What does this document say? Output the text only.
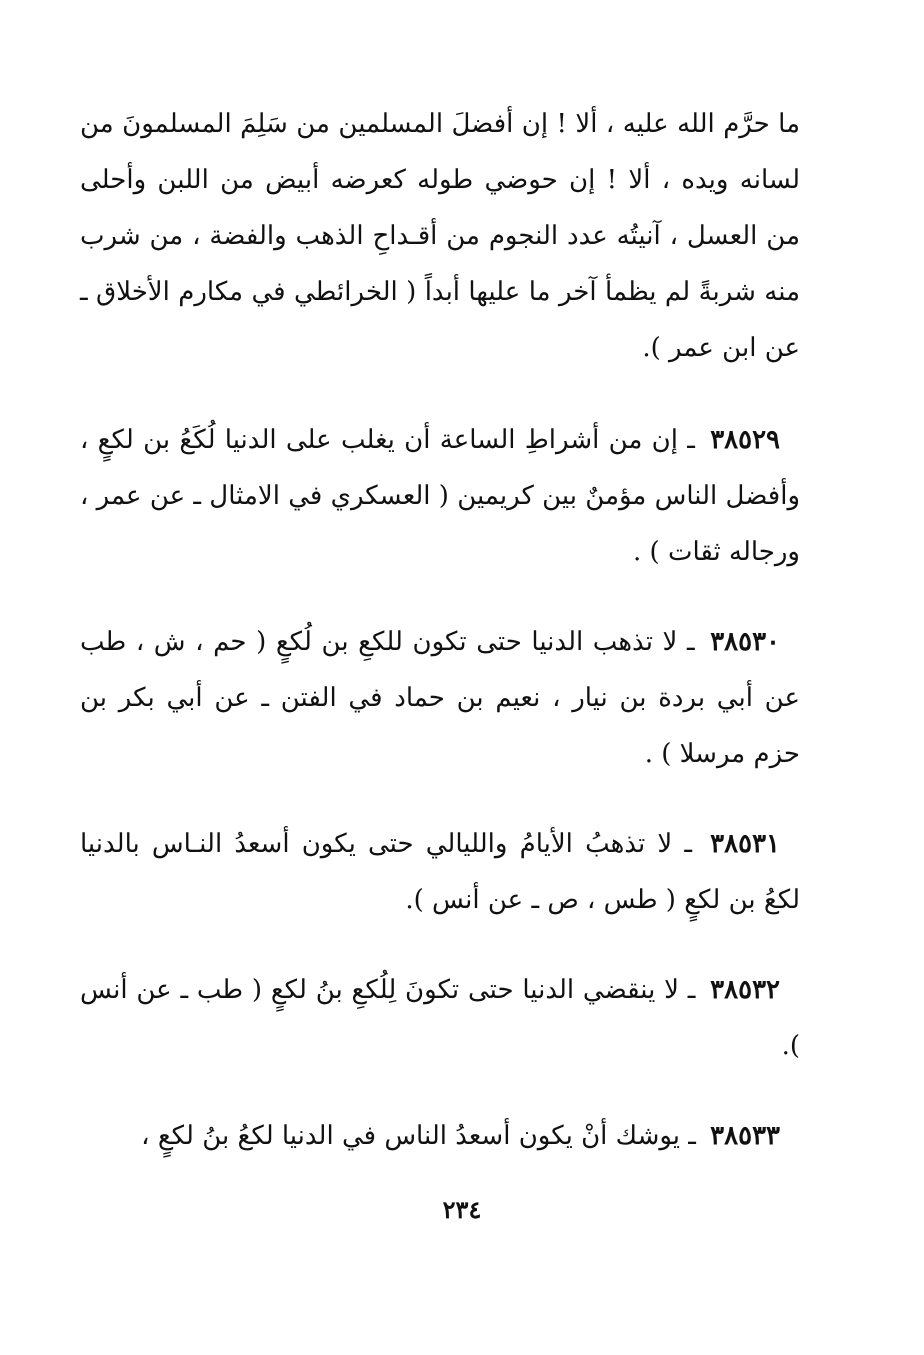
ما حرَّم الله عليه ، ألا ! إن أفضلَ المسلمين من سَلِمَ المسلمونَ من لسانه ويده ، ألا ! إن حوضي طوله كعرضه أبيض من اللبن وأحلى من العسل ، آنيتُه عدد النجوم من أقـداحِ الذهب والفضة ، من شرب منه شربةً لم يظمأ آخر ما عليها أبداً ( الخرائطي في مكارم الأخلاق ـ عن ابن عمر ).

٣٨٥٢٩ ـ إن من أشراطِ الساعة أن يغلب على الدنيا لُكَعُ بن لكعٍ ، وأفضل الناس مؤمنٌ بين كريمين ( العسكري في الامثال ـ عن عمر ، ورجاله ثقات ) .

٣٨٥٣٠ ـ لا تذهب الدنيا حتى تكون للكعِ بن لُكعٍ ( حم ، ش ، طب عن أبي بردة بن نيار ، نعيم بن حماد في الفتن ـ عن أبي بكر بن حزم مرسلا ) .

٣٨٥٣١ ـ لا تذهبُ الأيامُ والليالي حتى يكون أسعدُ النـاس بالدنيا لكعُ بن لكعٍ ( طس ، ص ـ عن أنس ).

٣٨٥٣٢ ـ لا ينقضي الدنيا حتى تكونَ لِلُكعِ بنُ لكعٍ ( طب ـ عن أنس ).

٣٨٥٣٣ ـ يوشك أنْ يكون أسعدُ الناس في الدنيا لكعُ بنُ لكعٍ ،

٢٣٤
